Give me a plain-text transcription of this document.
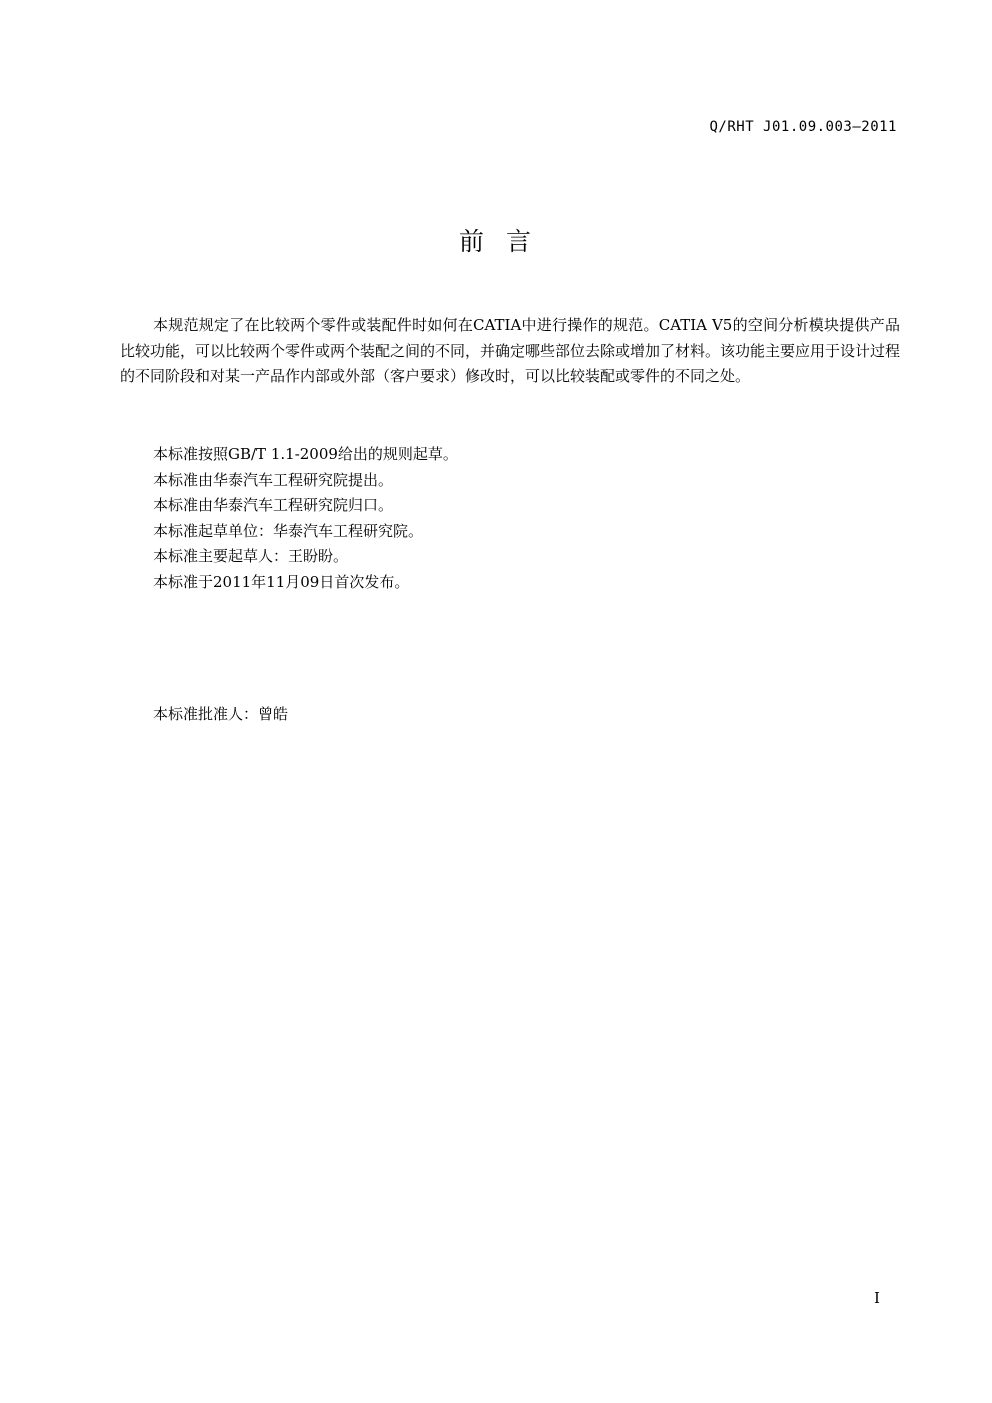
Q/RHT J01.09.003—2011
前  言

本规范规定了在比较两个零件或装配件时如何在CATIA中进行操作的规范。CATIA V5的空间分析模块提供产品比较功能，可以比较两个零件或两个装配之间的不同，并确定哪些部位去除或增加了材料。该功能主要应用于设计过程的不同阶段和对某一产品作内部或外部（客户要求）修改时，可以比较装配或零件的不同之处。

本标准按照GB/T 1.1-2009给出的规则起草。
本标准由华泰汽车工程研究院提出。
本标准由华泰汽车工程研究院归口。
本标准起草单位：华泰汽车工程研究院。
本标准主要起草人：王盼盼。
本标准于2011年11月09日首次发布。
本标准批准人：曾皓
I
